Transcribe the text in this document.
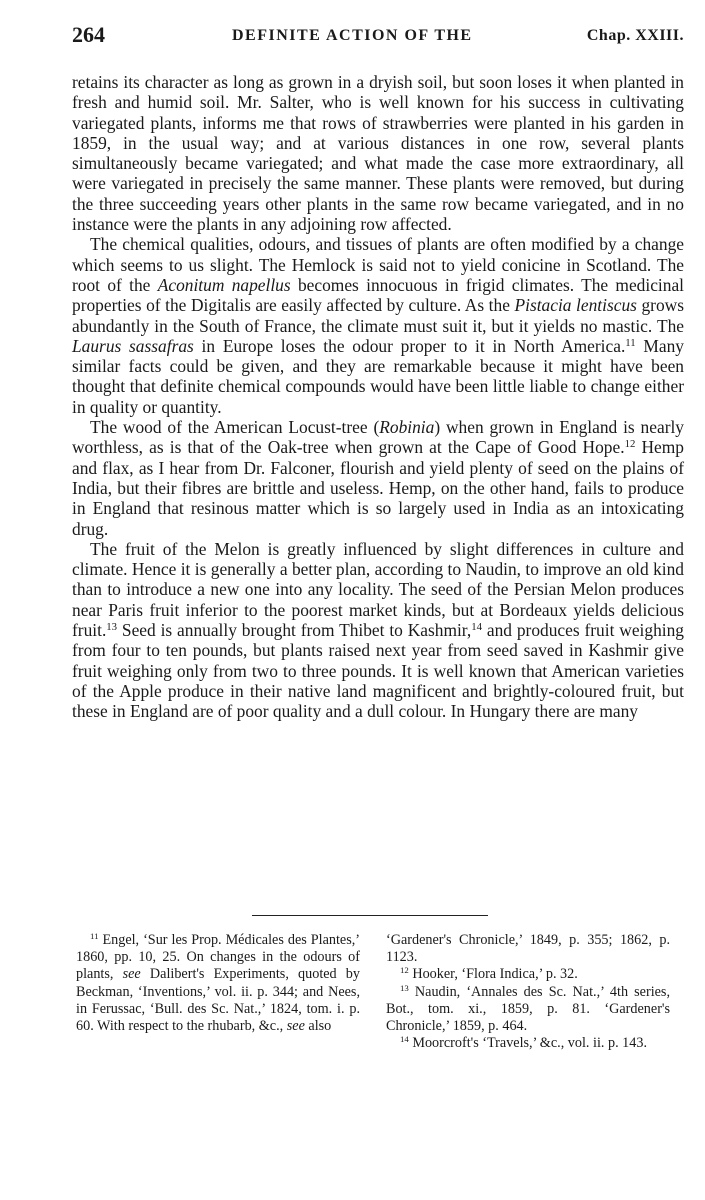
264	DEFINITE ACTION OF THE	Chap. XXIII.

retains its character as long as grown in a dryish soil, but soon loses it when planted in fresh and humid soil. Mr. Salter, who is well known for his success in cultivating variegated plants, informs me that rows of strawberries were planted in his garden in 1859, in the usual way; and at various distances in one row, several plants simultaneously became variegated; and what made the case more extraordinary, all were variegated in precisely the same manner. These plants were removed, but during the three succeeding years other plants in the same row became variegated, and in no instance were the plants in any adjoining row affected.

The chemical qualities, odours, and tissues of plants are often modified by a change which seems to us slight. The Hemlock is said not to yield conicine in Scotland. The root of the Aconitum napellus becomes innocuous in frigid climates. The medicinal properties of the Digitalis are easily affected by culture. As the Pistacia lentiscus grows abundantly in the South of France, the climate must suit it, but it yields no mastic. The Laurus sassafras in Europe loses the odour proper to it in North America.$^{11}$ Many similar facts could be given, and they are remarkable because it might have been thought that definite chemical compounds would have been little liable to change either in quality or quantity.

The wood of the American Locust-tree (Robinia) when grown in England is nearly worthless, as is that of the Oak-tree when grown at the Cape of Good Hope.$^{12}$ Hemp and flax, as I hear from Dr. Falconer, flourish and yield plenty of seed on the plains of India, but their fibres are brittle and useless. Hemp, on the other hand, fails to produce in England that resinous matter which is so largely used in India as an intoxicating drug.

The fruit of the Melon is greatly influenced by slight differences in culture and climate. Hence it is generally a better plan, according to Naudin, to improve an old kind than to introduce a new one into any locality. The seed of the Persian Melon produces near Paris fruit inferior to the poorest market kinds, but at Bordeaux yields delicious fruit.$^{13}$ Seed is annually brought from Thibet to Kashmir,$^{14}$ and produces fruit weighing from four to ten pounds, but plants raised next year from seed saved in Kashmir give fruit weighing only from two to three pounds. It is well known that American varieties of the Apple produce in their native land magnificent and brightly-coloured fruit, but these in England are of poor quality and a dull colour. In Hungary there are many

$^{11}$ Engel, ‘Sur les Prop. Médicales des Plantes,’ 1860, pp. 10, 25. On changes in the odours of plants, see Dalibert's Experiments, quoted by Beckman, ‘Inventions,’ vol. ii. p. 344; and Nees, in Ferussac, ‘Bull. des Sc. Nat.,’ 1824, tom. i. p. 60. With respect to the rhubarb, &c., see also

‘Gardener's Chronicle,’ 1849, p. 355; 1862, p. 1123.

$^{12}$ Hooker, ‘Flora Indica,’ p. 32.

$^{13}$ Naudin, ‘Annales des Sc. Nat.,’ 4th series, Bot., tom. xi., 1859, p. 81. ‘Gardener's Chronicle,’ 1859, p. 464.

$^{14}$ Moorcroft's ‘Travels,’ &c., vol. ii. p. 143.
